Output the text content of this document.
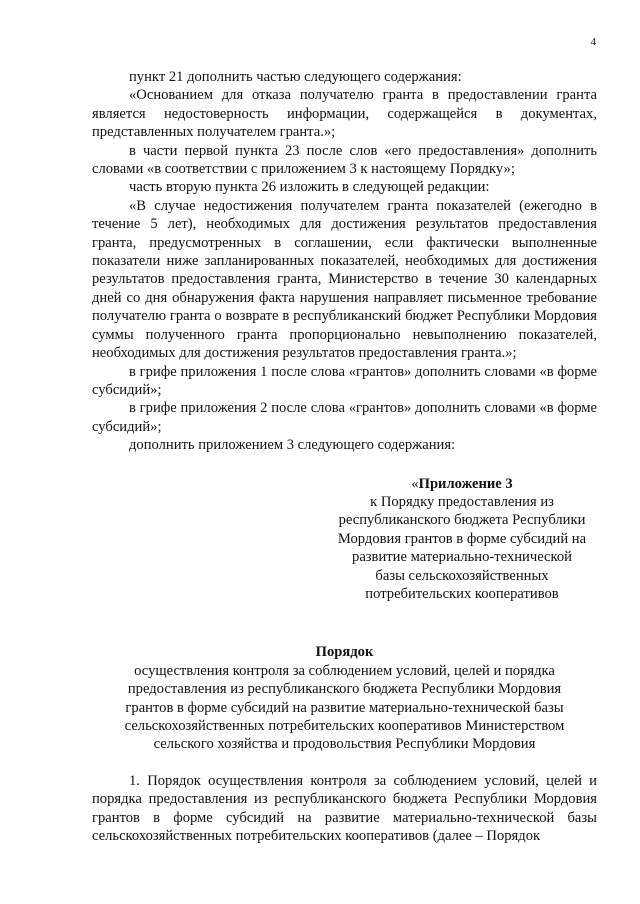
4

пункт 21 дополнить частью следующего содержания:

«Основанием для отказа получателю гранта в предоставлении гранта является недостоверность информации, содержащейся в документах, представленных получателем гранта.»;

в части первой пункта 23 после слов «его предоставления» дополнить словами «в соответствии с приложением 3 к настоящему Порядку»;

часть вторую пункта 26 изложить в следующей редакции:

«В случае недостижения получателем гранта показателей (ежегодно в течение 5 лет), необходимых для достижения результатов предоставления гранта, предусмотренных в соглашении, если фактически выполненные показатели ниже запланированных показателей, необходимых для достижения результатов предоставления гранта, Министерство в течение 30 календарных дней со дня обнаружения факта нарушения направляет письменное требование получателю гранта о возврате в республиканский бюджет Республики Мордовия суммы полученного гранта пропорционально невыполнению показателей, необходимых для достижения результатов предоставления гранта.»;

в грифе приложения 1 после слова «грантов» дополнить словами «в форме субсидий»;

в грифе приложения 2 после слова «грантов» дополнить словами «в форме субсидий»;

дополнить приложением 3 следующего содержания:

«Приложение 3
к Порядку предоставления из
республиканского бюджета Республики
Мордовия грантов в форме субсидий на
развитие материально-технической
базы сельскохозяйственных
потребительских кооперативов
Порядок
осуществления контроля за соблюдением условий, целей и порядка
предоставления из республиканского бюджета Республики Мордовия
грантов в форме субсидий на развитие материально-технической базы
сельскохозяйственных потребительских кооперативов Министерством
сельского хозяйства и продовольствия Республики Мордовия

1. Порядок осуществления контроля за соблюдением условий, целей и порядка предоставления из республиканского бюджета Республики Мордовия грантов в форме субсидий на развитие материально-технической базы сельскохозяйственных потребительских кооперативов (далее – Порядок
